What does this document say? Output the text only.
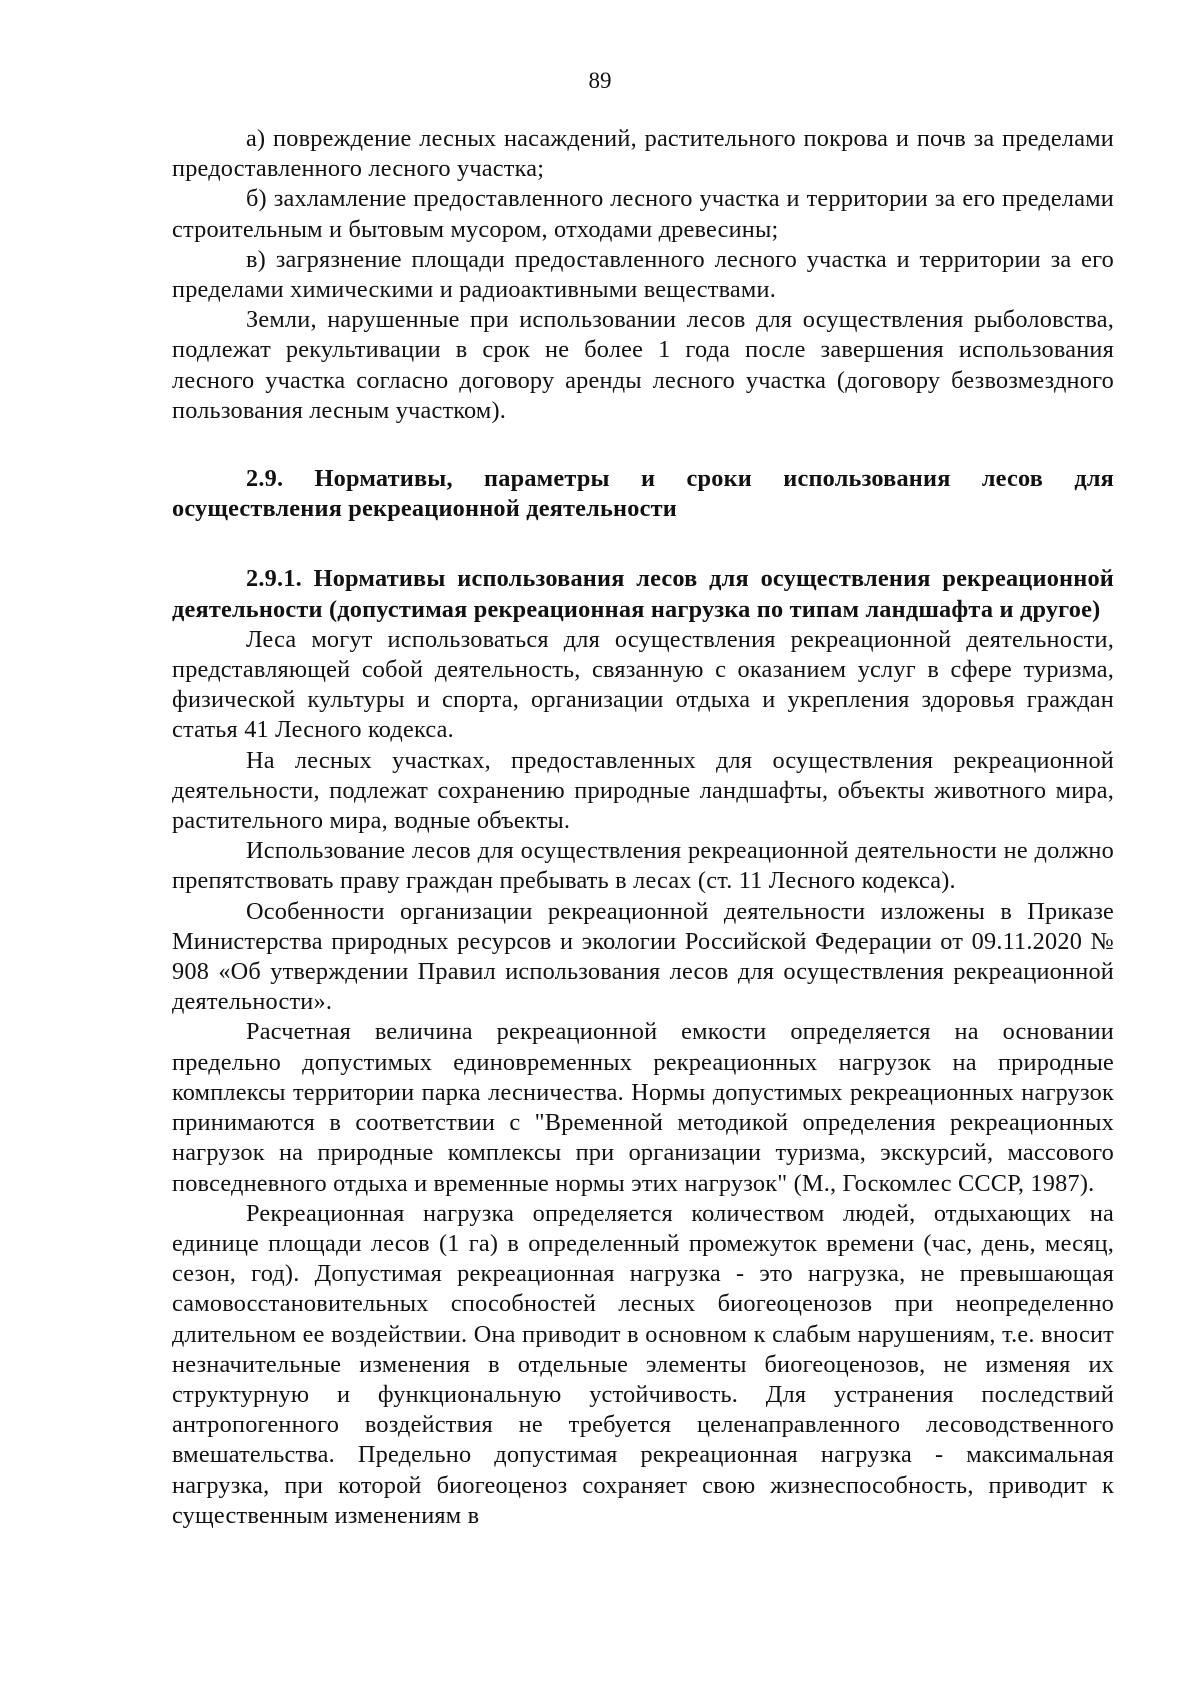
89

а) повреждение лесных насаждений, растительного покрова и почв за пределами предоставленного лесного участка;

б) захламление предоставленного лесного участка и территории за его пределами строительным и бытовым мусором, отходами древесины;

в) загрязнение площади предоставленного лесного участка и территории за его пределами химическими и радиоактивными веществами.

Земли, нарушенные при использовании лесов для осуществления рыболовства, подлежат рекультивации в срок не более 1 года после завершения использования лесного участка согласно договору аренды лесного участка (договору безвозмездного пользования лесным участком).

2.9. Нормативы, параметры и сроки использования лесов для осуществления рекреационной деятельности
2.9.1. Нормативы использования лесов для осуществления рекреационной деятельности (допустимая рекреационная нагрузка по типам ландшафта и другое)

Леса могут использоваться для осуществления рекреационной деятельности, представляющей собой деятельность, связанную с оказанием услуг в сфере туризма, физической культуры и спорта, организации отдыха и укрепления здоровья граждан статья 41 Лесного кодекса.

На лесных участках, предоставленных для осуществления рекреационной деятельности, подлежат сохранению природные ландшафты, объекты животного мира, растительного мира, водные объекты.

Использование лесов для осуществления рекреационной деятельности не должно препятствовать праву граждан пребывать в лесах (ст. 11 Лесного кодекса).

Особенности организации рекреационной деятельности изложены в Приказе Министерства природных ресурсов и экологии Российской Федерации от 09.11.2020 № 908 «Об утверждении Правил использования лесов для осуществления рекреационной деятельности».

Расчетная величина рекреационной емкости определяется на основании предельно допустимых единовременных рекреационных нагрузок на природные комплексы территории парка лесничества. Нормы допустимых рекреационных нагрузок принимаются в соответствии с "Временной методикой определения рекреационных нагрузок на природные комплексы при организации туризма, экскурсий, массового повседневного отдыха и временные нормы этих нагрузок" (М., Госкомлес СССР, 1987).

Рекреационная нагрузка определяется количеством людей, отдыхающих на единице площади лесов (1 га) в определенный промежуток времени (час, день, месяц, сезон, год). Допустимая рекреационная нагрузка - это нагрузка, не превышающая самовосстановительных способностей лесных биогеоценозов при неопределенно длительном ее воздействии. Она приводит в основном к слабым нарушениям, т.е. вносит незначительные изменения в отдельные элементы биогеоценозов, не изменяя их структурную и функциональную устойчивость. Для устранения последствий антропогенного воздействия не требуется целенаправленного лесоводственного вмешательства. Предельно допустимая рекреационная нагрузка - максимальная нагрузка, при которой биогеоценоз сохраняет свою жизнеспособность, приводит к существенным изменениям в
